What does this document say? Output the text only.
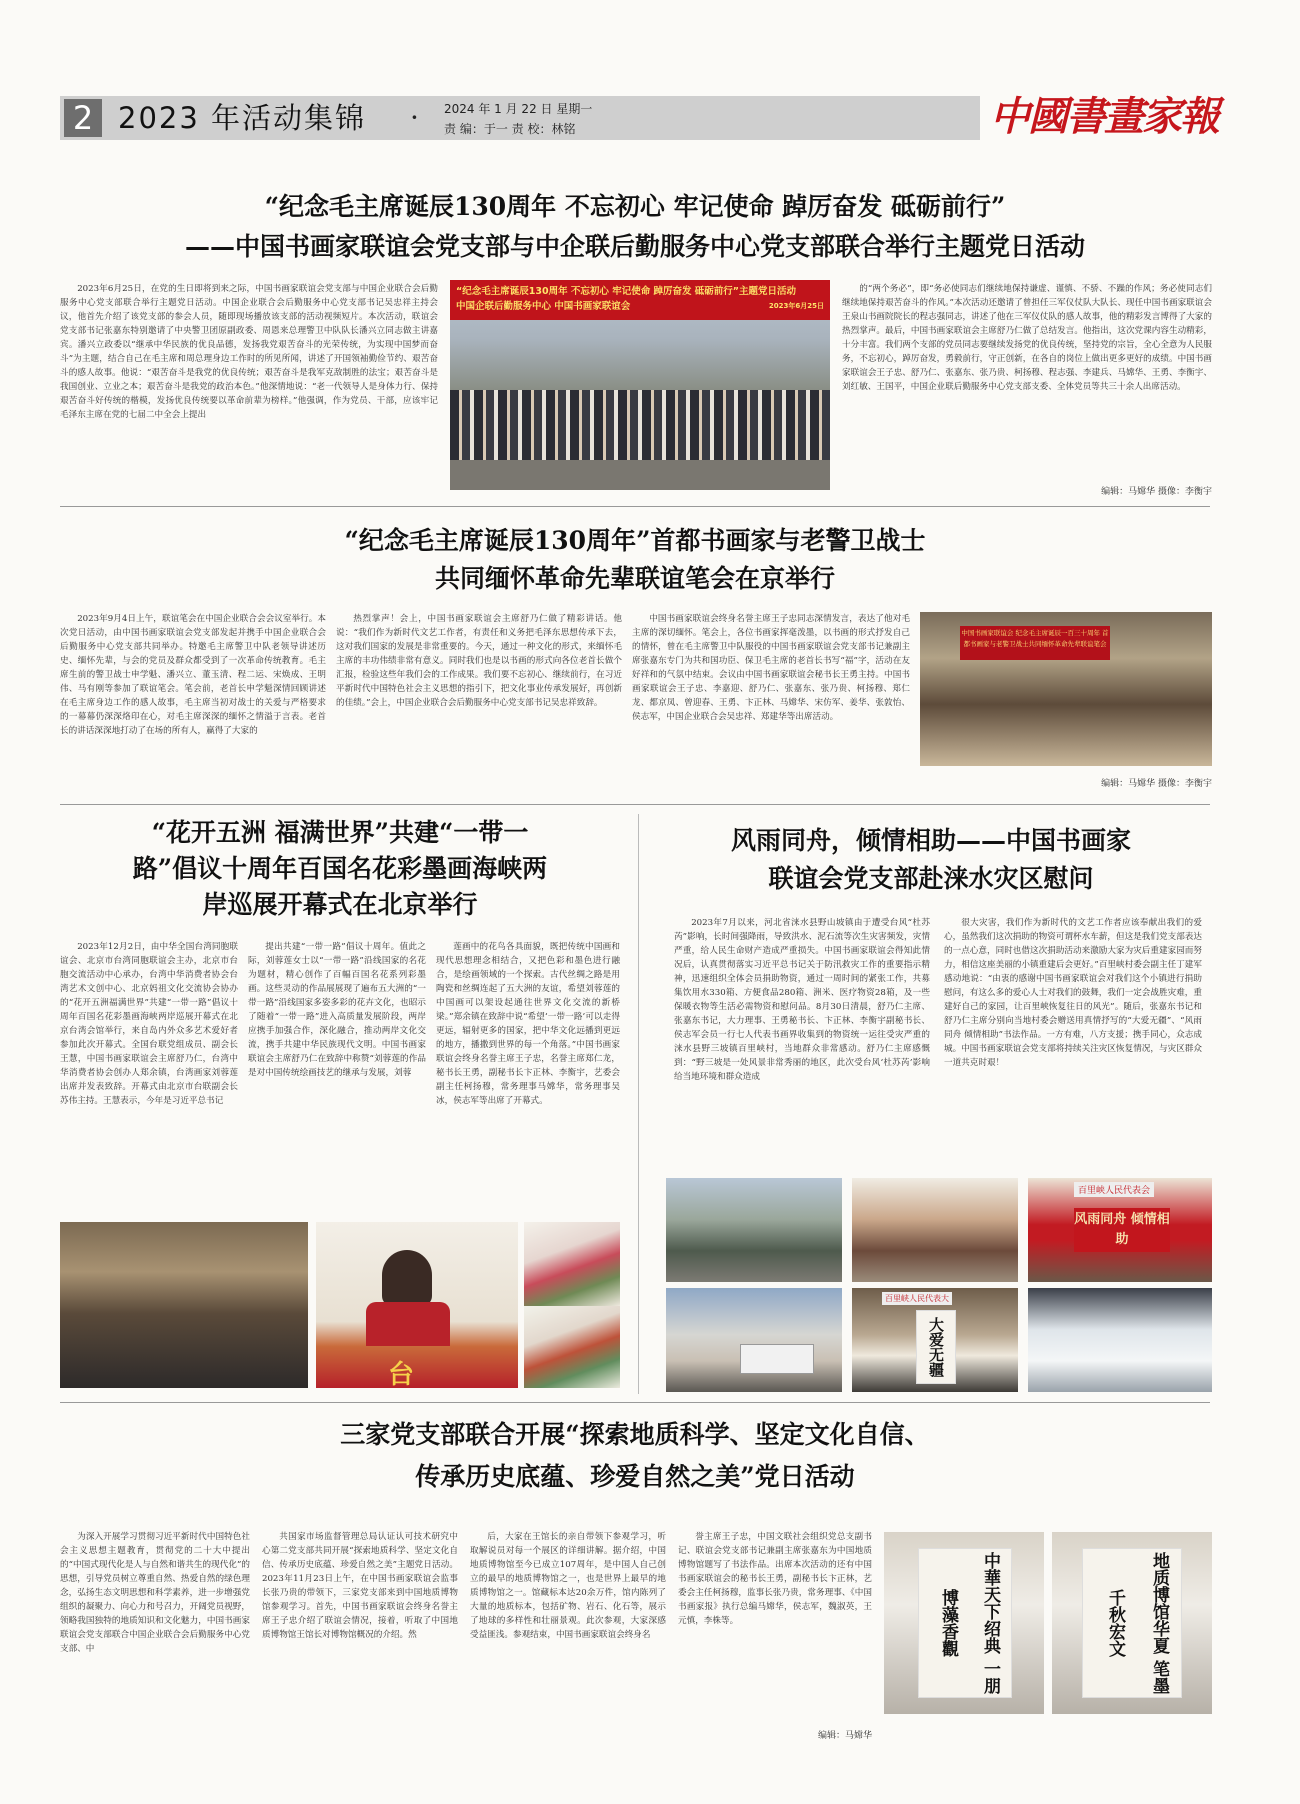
2 2023 年活动集锦 · 2024 年 1 月 22 日 星期一
责 编：于一 责 校：林铭	中國書畫家報
“纪念毛主席诞辰130周年 不忘初心 牢记使命 踔厉奋发 砥砺前行”
——中国书画家联谊会党支部与中企联后勤服务中心党支部联合举行主题党日活动

2023年6月25日，在党的生日即将到来之际，中国书画家联谊会党支部与中国企业联合会后勤服务中心党支部联合举行主题党日活动。中国企业联合会后勤服务中心党支部书记吴忠祥主持会议，他首先介绍了该党支部的参会人员，随即现场播放该支部的活动视频短片。本次活动，联谊会党支部书记张嘉东特别邀请了中央警卫团原副政委、周恩来总理警卫中队队长潘兴立同志做主讲嘉宾。潘兴立政委以“继承中华民族的优良品德，发扬我党艰苦奋斗的光荣传统，为实现中国梦而奋斗”为主题，结合自己在毛主席和周总理身边工作时的所见所闻，讲述了开国领袖勤俭节约、艰苦奋斗的感人故事。他说：“艰苦奋斗是我党的优良传统；艰苦奋斗是我军克敌制胜的法宝；艰苦奋斗是我国创业、立业之本；艰苦奋斗是我党的政治本色。”他深情地说：“老一代领导人是身体力行、保持艰苦奋斗好传统的楷模，发扬优良传统要以革命前辈为榜样。”他强调，作为党员、干部，应该牢记毛泽东主席在党的七届二中全会上提出

“纪念毛主席诞辰130周年 不忘初心 牢记使命 踔厉奋发 砥砺前行”主题党日活动
中国企联后勤服务中心 中国书画家联谊会	2023年6月25日

的“两个务必”，即“务必使同志们继续地保持谦虚、谨慎、不骄、不躁的作风；务必使同志们继续地保持艰苦奋斗的作风。”本次活动还邀请了曾担任三军仪仗队大队长、现任中国书画家联谊会王泉山书画院院长的程志强同志，讲述了他在三军仪仗队的感人故事，他的精彩发言博得了大家的热烈掌声。最后，中国书画家联谊会主席舒乃仁做了总结发言。他指出，这次党课内容生动精彩，十分丰富。我们两个支部的党员同志要继续发扬党的优良传统，坚持党的宗旨，全心全意为人民服务，不忘初心，踔厉奋发，勇毅前行，守正创新，在各自的岗位上做出更多更好的成绩。中国书画家联谊会王子忠、舒乃仁、张嘉东、张乃贵、柯扬穆、程志强、李建兵、马嫦华、王勇、李衡宇、刘红敏、王国平，中国企业联后勤服务中心党支部支委、全体党员等共三十余人出席活动。

编辑：马嫦华 摄像：李衡宇
“纪念毛主席诞辰130周年”首都书画家与老警卫战士
共同缅怀革命先辈联谊笔会在京举行

2023年9月4日上午，联谊笔会在中国企业联合会会议室举行。本次党日活动，由中国书画家联谊会党支部发起并携手中国企业联合会后勤服务中心党支部共同举办。特邀毛主席警卫中队老领导讲述历史、缅怀先辈，与会的党员及群众都受到了一次革命传统教育。毛主席生前的警卫战士申学魁、潘兴立、董玉清、程二运、宋焕成、王明伟、马有刚等参加了联谊笔会。笔会前，老首长申学魁深情回顾讲述在毛主席身边工作的感人故事，毛主席当初对战士的关爱与严格要求的一幕幕仍深深烙印在心，对毛主席深深的缅怀之情溢于言表。老首长的讲话深深地打动了在场的所有人，赢得了大家的

热烈掌声！会上，中国书画家联谊会主席舒乃仁做了精彩讲话。他说：“我们作为新时代文艺工作者，有责任和义务把毛泽东思想传承下去，这对我们国家的发展是非常重要的。今天，通过一种文化的形式，来缅怀毛主席的丰功伟绩非常有意义。同时我们也是以书画的形式向各位老首长做个汇报，检验这些年我们会的工作成果。我们要不忘初心、继续前行，在习近平新时代中国特色社会主义思想的指引下，把文化事业传承发展好，再创新的佳绩。”会上，中国企业联合会后勤服务中心党支部书记吴忠祥致辞。

中国书画家联谊会终身名誉主席王子忠同志深情发言，表达了他对毛主席的深切缅怀。笔会上，各位书画家挥毫泼墨，以书画的形式抒发自己的情怀，曾在毛主席警卫中队服役的中国书画家联谊会党支部书记兼副主席张嘉东专门为共和国功臣、保卫毛主席的老首长书写“福”字，活动在友好祥和的气氛中结束。会议由中国书画家联谊会秘书长王勇主持。中国书画家联谊会王子忠、李嘉迎、舒乃仁、张嘉东、张乃贵、柯扬穆、郑仁龙、都京凤、曾迎春、王勇、卞正林、马嫦华、宋仿军、姜华、张敦怡、侯志军，中国企业联合会吴忠祥、郑建华等出席活动。

中国书画家联谊会 纪念毛主席诞辰一百三十周年 首都书画家与老警卫战士共同缅怀革命先辈联谊笔会
编辑：马嫦华 摄像：李衡宇
“花开五洲 福满世界”共建“一带一
路”倡议十周年百国名花彩墨画海峡两
岸巡展开幕式在北京举行

2023年12月2日，由中华全国台湾同胞联谊会、北京市台湾同胞联谊会主办，北京市台胞交流活动中心承办，台湾中华消费者协会台湾艺术文创中心、北京妈祖文化交流协会协办的“花开五洲福满世界”共建“一带一路”倡议十周年百国名花彩墨画海峡两岸巡展开幕式在北京台湾会馆举行，来自岛内外众多艺术爱好者参加此次开幕式。全国台联党组成员、副会长王慧，中国书画家联谊会主席舒乃仁，台湾中华消费者协会创办人郑余镇，台湾画家刘蓉莲出席并发表致辞。开幕式由北京市台联副会长苏伟主持。王慧表示，今年是习近平总书记

提出共建“一带一路”倡议十周年。值此之际，刘蓉莲女士以“一带一路”沿线国家的名花为题材，精心创作了百幅百国名花系列彩墨画。这些灵动的作品展展现了遍布五大洲的“一带一路”沿线国家多姿多彩的花卉文化，也昭示了随着“一带一路”进入高质量发展阶段，两岸应携手加强合作，深化融合，推动两岸文化交流，携手共建中华民族现代文明。中国书画家联谊会主席舒乃仁在致辞中称赞“刘蓉莲的作品是对中国传统绘画技艺的继承与发展，刘蓉

莲画中的花鸟各具面貌，既把传统中国画和现代思想理念相结合，又把色彩和墨色进行融合，是绘画领域的一个探索。古代丝绸之路是用陶瓷和丝绸连起了五大洲的友谊，希望刘蓉莲的中国画可以架设起通往世界文化交流的新桥梁。”郑余镇在致辞中说“希望‘一带一路’可以走得更远，辐射更多的国家，把中华文化远播到更远的地方，播撒到世界的每一个角落。”中国书画家联谊会终身名誉主席王子忠，名誉主席郑仁龙，秘书长王勇，副秘书长卞正林、李衡宇，艺委会副主任柯扬穆，常务理事马嫦华，常务理事吴冰，侯志军等出席了开幕式。

台
风雨同舟，倾情相助——中国书画家
联谊会党支部赴涞水灾区慰问

2023年7月以来，河北省涞水县野山坡镇由于遭受台风“杜苏芮”影响，长时间强降雨，导致洪水、泥石流等次生灾害频发，灾情严重，给人民生命财产造成严重损失。中国书画家联谊会得知此情况后，认真贯彻落实习近平总书记关于防汛救灾工作的重要指示精神，迅速组织全体会员捐助物资，通过一周时间的紧张工作，共募集饮用水330箱、方便食品280箱、洲米、医疗物资28箱，及一些保暖衣物等生活必需物资和慰问品。8月30日清晨，舒乃仁主席、张嘉东书记，大力理事、王勇秘书长、卞正林、李衡宇副秘书长、侯志军会员一行七人代表书画界收集到的物资统一运往受灾严重的涞水县野三坡镇百里峡村，当地群众非常感动。舒乃仁主席感慨到：“野三坡是一处风景非常秀丽的地区，此次受台风‘杜苏芮’影响给当地环境和群众造成

很大灾害，我们作为新时代的文艺工作者应该奉献出我们的爱心，虽然我们这次捐助的物资可谓杯水车薪，但这是我们党支部表达的一点心意，同时也借这次捐助活动来激励大家为灾后重建家园而努力，相信这座美丽的小镇重建后会更好。”百里峡村委会副主任丁建军感动地说：“由衷的感谢中国书画家联谊会对我们这个小镇进行捐助慰问，有这么多的爱心人士对我们的鼓舞，我们一定会战胜灾难，重建好自己的家园，让百里峡恢复往日的风光”。随后，张嘉东书记和舒乃仁主席分别向当地村委会赠送用真情抒写的“大爱无疆”、“风雨同舟 倾情相助”书法作品。一方有难，八方支援；携手同心，众志成城。中国书画家联谊会党支部将持续关注灾区恢复情况，与灾区群众一道共克时艰！

百里峡人民代表会
风雨同舟 倾情相助
百里峡人民代表大
大爱无疆
三家党支部联合开展“探索地质科学、坚定文化自信、
传承历史底蕴、珍爱自然之美”党日活动

为深入开展学习贯彻习近平新时代中国特色社会主义思想主题教育，贯彻党的二十大中提出的“中国式现代化是人与自然和谐共生的现代化”的思想，引导党员树立尊重自然、热爱自然的绿色理念，弘扬生态文明思想和科学素养，进一步增强党组织的凝聚力、向心力和号召力，开阔党员视野，领略我国独特的地质知识和文化魅力，中国书画家联谊会党支部联合中国企业联合会后勤服务中心党支部、中

共国家市场监督管理总局认证认可技术研究中心第二党支部共同开展“探索地质科学、坚定文化自信、传承历史底蕴、珍爱自然之美”主题党日活动。2023年11月23日上午，在中国书画家联谊会监事长张乃贵的带领下，三家党支部来到中国地质博物馆参观学习。首先，中国书画家联谊会终身名誉主席王子忠介绍了联谊会情况，接着，听取了中国地质博物馆王馆长对博物馆概况的介绍。然

后，大家在王馆长的亲自带领下参观学习，听取解说员对每一个展区的详细讲解。据介绍，中国地质博物馆至今已成立107周年，是中国人自己创立的最早的地质博物馆之一，也是世界上最早的地质博物馆之一。馆藏标本达20余万件，馆内陈列了大量的地质标本，包括矿物、岩石、化石等，展示了地球的多样性和壮丽景观。此次参观，大家深感受益匪浅。参观结束，中国书画家联谊会终身名

誉主席王子忠，中国文联社会组织党总支副书记、联谊会党支部书记兼副主席张嘉东为中国地质博物馆题写了书法作品。出席本次活动的还有中国书画家联谊会的秘书长王勇，副秘书长卞正林，艺委会主任柯扬穆，监事长张乃贵，常务理事、《中国书画家报》执行总编马嫦华，侯志军，魏淑英，王元慎，李株等。

编辑：马嫦华
中華天下绍典 一朋博藻香觀	地质博馆华夏 笔墨千秋宏文
